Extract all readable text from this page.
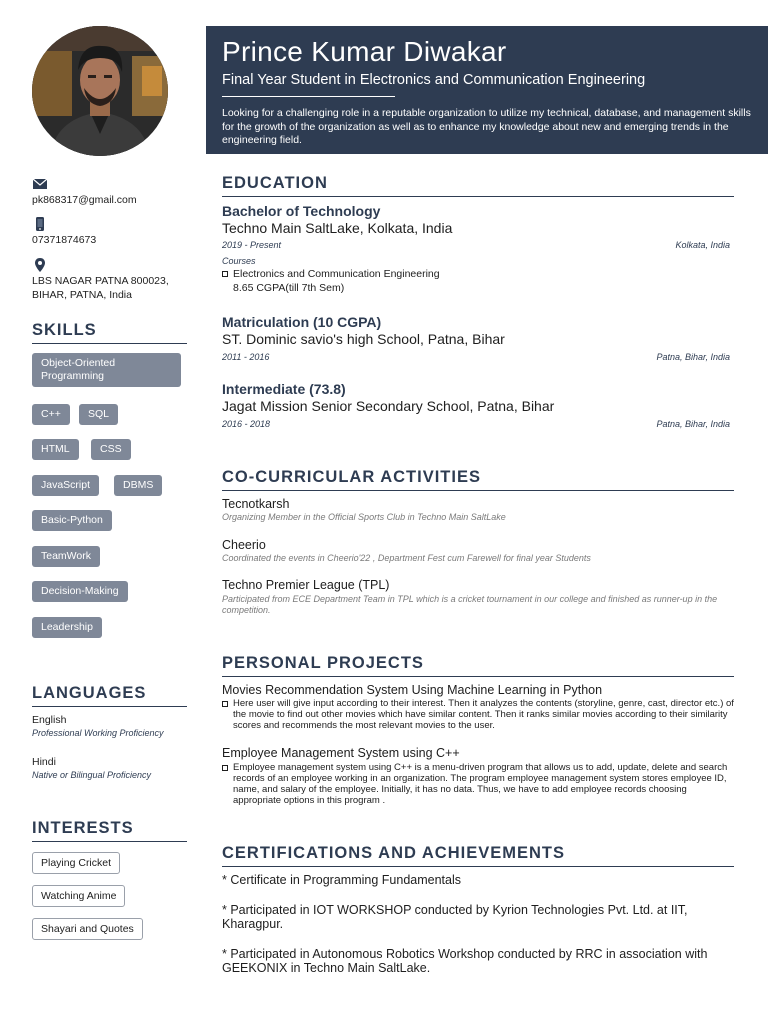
pk868317@gmail.com
07371874673
LBS NAGAR PATNA 800023,
BIHAR, PATNA, India
SKILLS
Object-Oriented Programming
C++	SQL
HTML	CSS
JavaScript	DBMS
Basic-Python
TeamWork
Decision-Making
Leadership
LANGUAGES
English
Professional Working Proficiency
Hindi
Native or Bilingual Proficiency
INTERESTS
Playing Cricket
Watching Anime
Shayari and Quotes
Prince Kumar Diwakar
Final Year Student in Electronics and Communication Engineering
Looking for a challenging role in a reputable organization to utilize my technical, database, and management skills for the growth of the organization as well as to enhance my knowledge about new and emerging trends in the engineering field.
EDUCATION
Bachelor of Technology
Techno Main SaltLake, Kolkata, India
2019 - Present	Kolkata, India
Courses
Electronics and Communication Engineering
8.65 CGPA(till 7th Sem)
Matriculation (10 CGPA)
ST. Dominic savio's high School, Patna, Bihar
2011 - 2016	Patna, Bihar, India
Intermediate (73.8)
Jagat Mission Senior Secondary School, Patna, Bihar
2016 - 2018	Patna, Bihar, India
CO-CURRICULAR ACTIVITIES
Tecnotkarsh
Organizing Member in the Official Sports Club in Techno Main SaltLake
Cheerio
Coordinated the events in Cheerio'22 , Department Fest cum Farewell for final year Students
Techno Premier League (TPL)
Participated from ECE Department Team in TPL which is a cricket tournament in our college and finished as runner-up in the competition.
PERSONAL PROJECTS
Movies Recommendation System Using Machine Learning in Python
Here user will give input according to their interest. Then it analyzes the contents (storyline, genre, cast, director etc.) of the movie to find out other movies which have similar content. Then it ranks similar movies according to their similarity scores and recommends the most relevant movies to the user.
Employee Management System using C++
Employee management system using C++ is a menu-driven program that allows us to add, update, delete and search records of an employee working in an organization. The program employee management system stores employee ID, name, and salary of the employee. Initially, it has no data. Thus, we have to add employee records choosing appropriate options in this program .
CERTIFICATIONS AND ACHIEVEMENTS
* Certificate in Programming Fundamentals
* Participated in IOT WORKSHOP conducted by Kyrion Technologies Pvt. Ltd. at IIT, Kharagpur.
* Participated in Autonomous Robotics Workshop conducted by RRC in association with GEEKONIX in Techno Main SaltLake.
